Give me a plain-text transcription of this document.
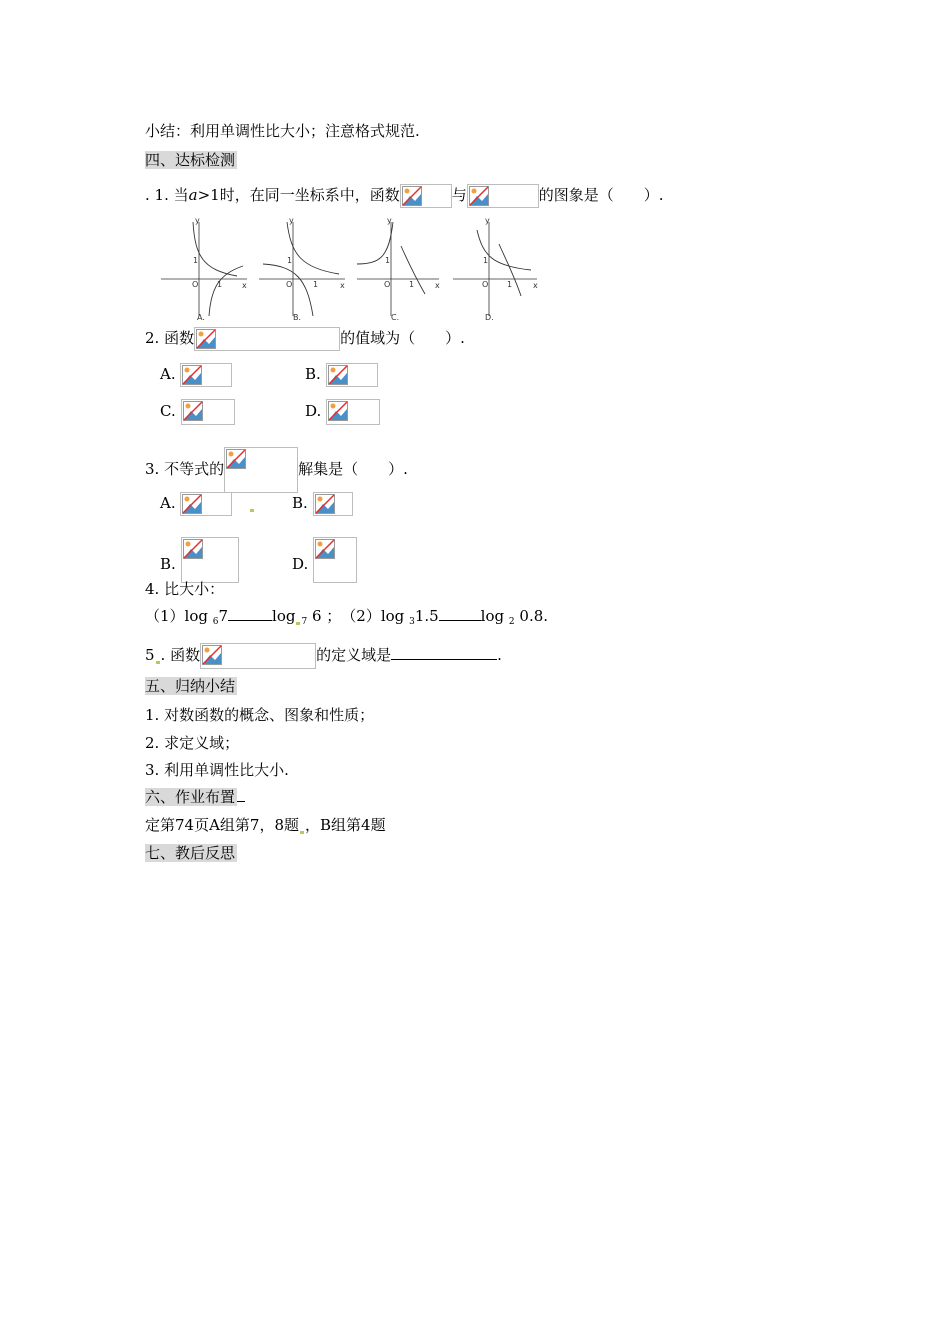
小结：利用单调性比大小；注意格式规范.
四、达标检测
. 1. 当a>1时，在同一坐标系中，函数	与	的图象是（　　）.
y
x
O
1
1
A.
y
x
O
1
1
B.
y
x
O
1
1
C.
y
x
O
1
1
D.
2. 函数	的值域为（　　）.
A.	B.
C.	D.
3. 不等式的	解集是（　　）.
A.	B.
B.	D.
4. 比大小：
（1）log $_6$7	log $_7$ 6 ；　（2）log $_3$1.5	log $_2$ 0.8.
5 . 函数	的定义域是	.
五、归纳小结
1. 对数函数的概念、图象和性质；
2. 求定义域；
3. 利用单调性比大小.
六、作业布置
定第74页A组第7，8题 ，B组第4题
七、教后反思
